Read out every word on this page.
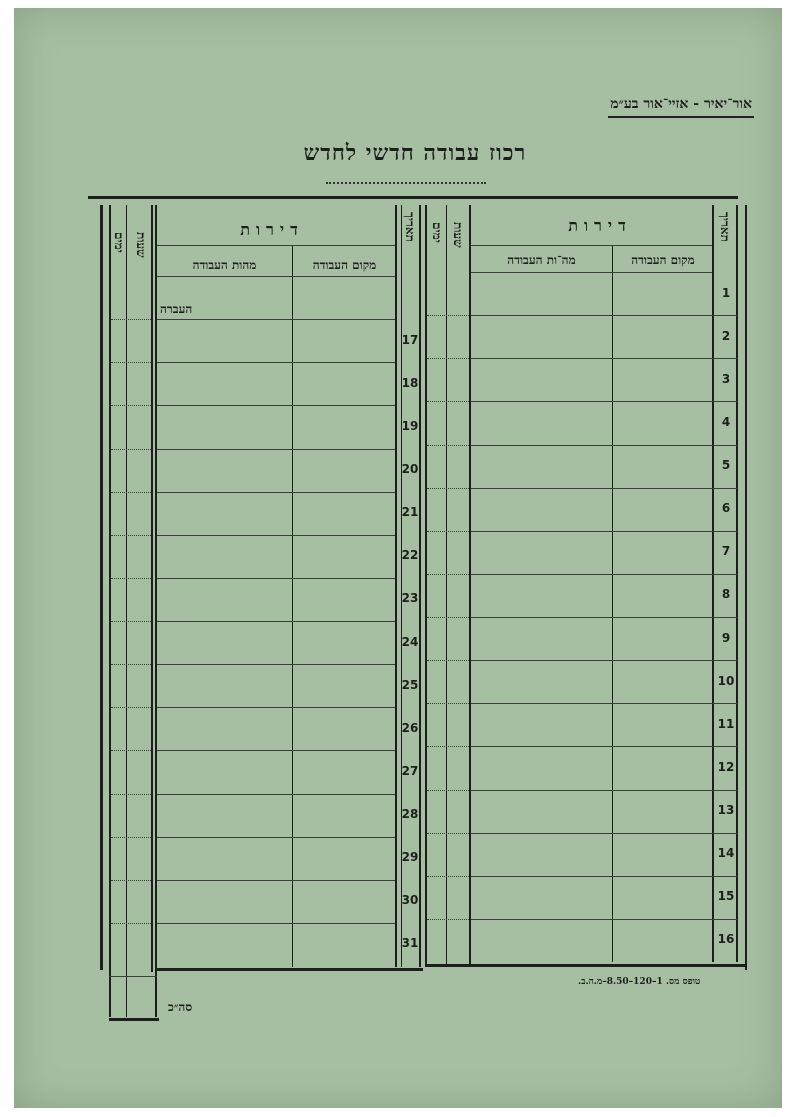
אור־יאיר - אזיי־אור בע״מ
רכוז עבודה חדשי לחדש
דירות
מקום העבודה
מה־ות העבודה
תאריך
שעות
ימים
דירות
מקום העבודה
מהות העבודה
תאריך
שעות
ימים
העברה
סה״כ
טופס מס. 1–120–8.50–מ.ה.ב.
1
2
3
4
5
6
7
8
9
10
11
12
13
14
15
16
17
18
19
20
21
22
23
24
25
26
27
28
29
30
31
